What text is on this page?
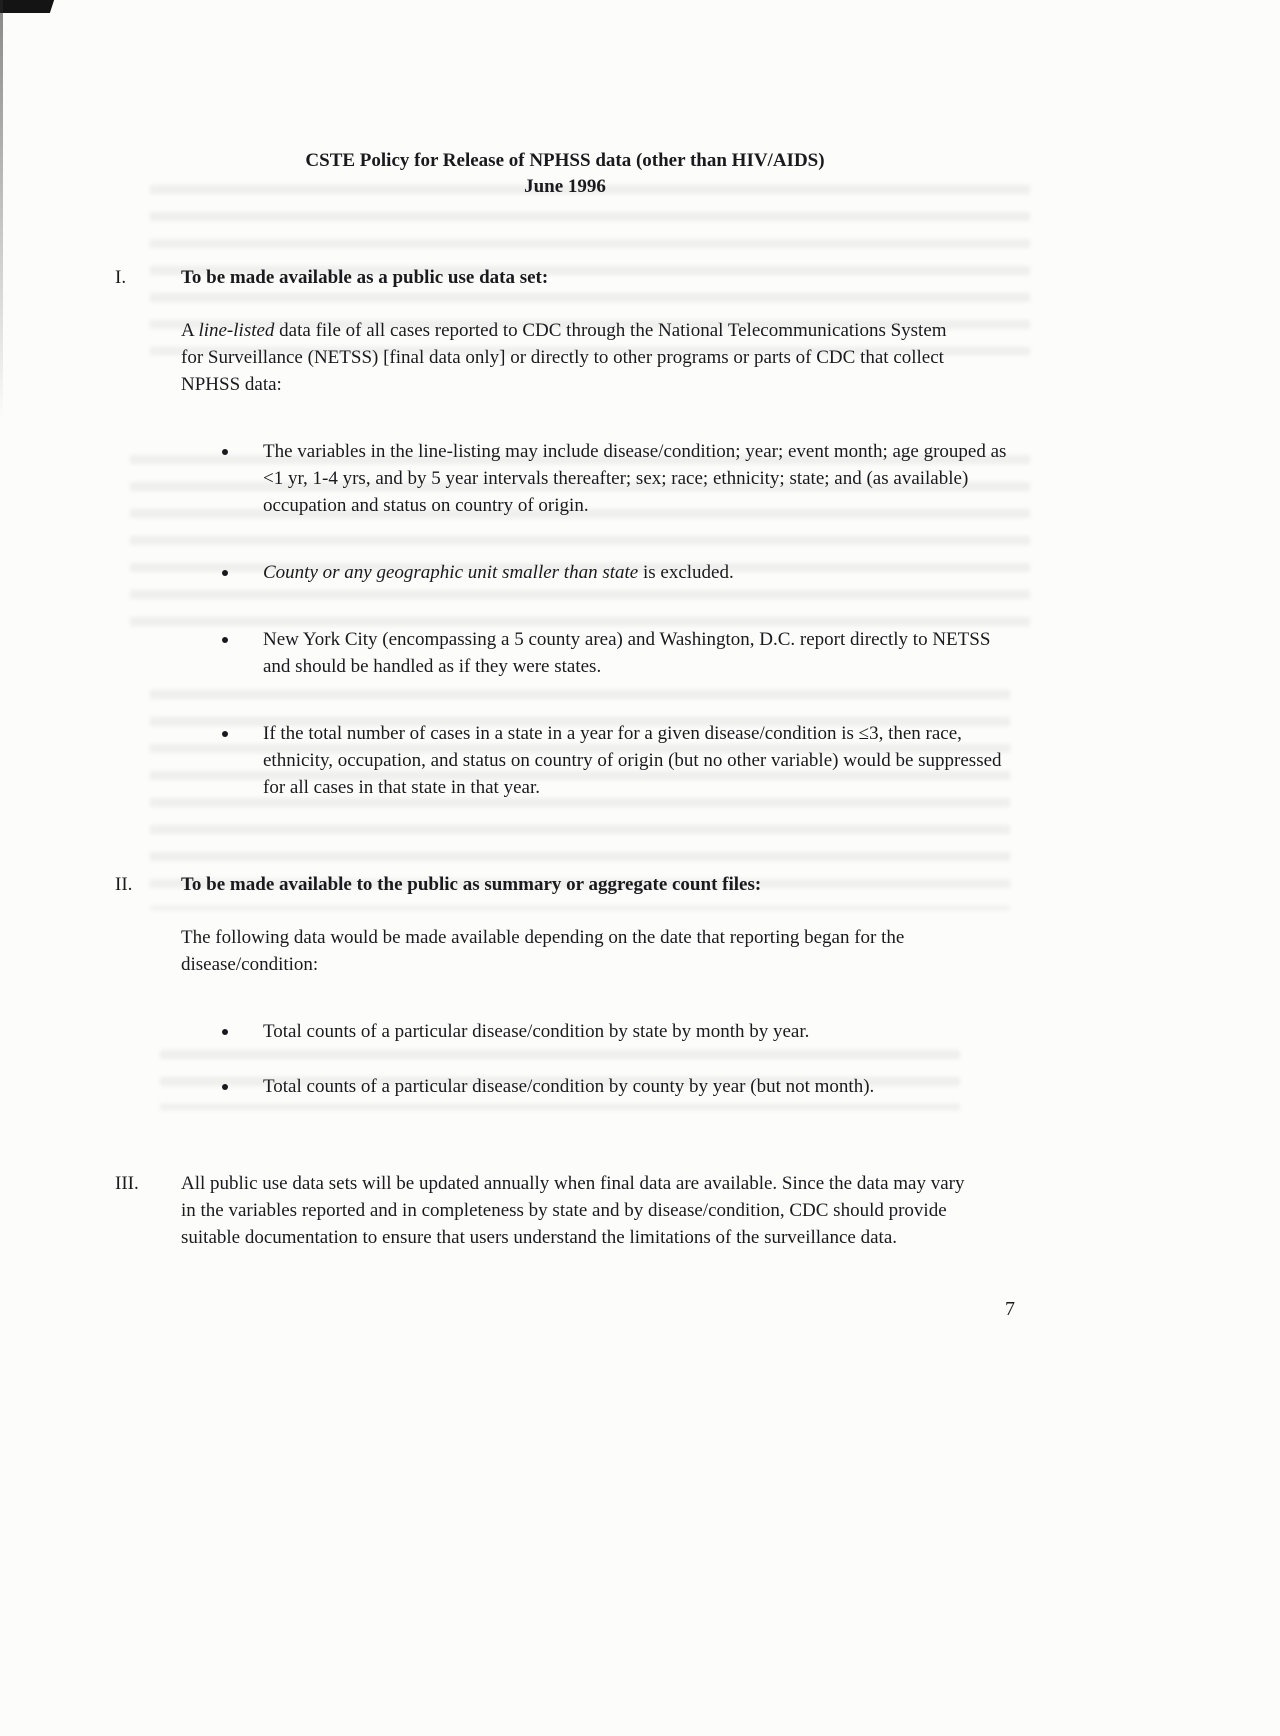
CSTE Policy for Release of NPHSS data (other than HIV/AIDS)
June 1996
I.	To be made available as a public use data set:

A line-listed data file of all cases reported to CDC through the National Telecommunications System for Surveillance (NETSS) [final data only] or directly to other programs or parts of CDC that collect NPHSS data:

The variables in the line-listing may include disease/condition; year; event month; age grouped as <1 yr, 1-4 yrs, and by 5 year intervals thereafter; sex; race; ethnicity; state; and (as available) occupation and status on country of origin.
County or any geographic unit smaller than state is excluded.
New York City (encompassing a 5 county area) and Washington, D.C. report directly to NETSS and should be handled as if they were states.
If the total number of cases in a state in a year for a given disease/condition is ≤3, then race, ethnicity, occupation, and status on country of origin (but no other variable) would be suppressed for all cases in that state in that year.
II.	To be made available to the public as summary or aggregate count files:

The following data would be made available depending on the date that reporting began for the disease/condition:

Total counts of a particular disease/condition by state by month by year.
Total counts of a particular disease/condition by county by year (but not month).
III.	All public use data sets will be updated annually when final data are available. Since the data may vary in the variables reported and in completeness by state and by disease/condition, CDC should provide suitable documentation to ensure that users understand the limitations of the surveillance data.
7
